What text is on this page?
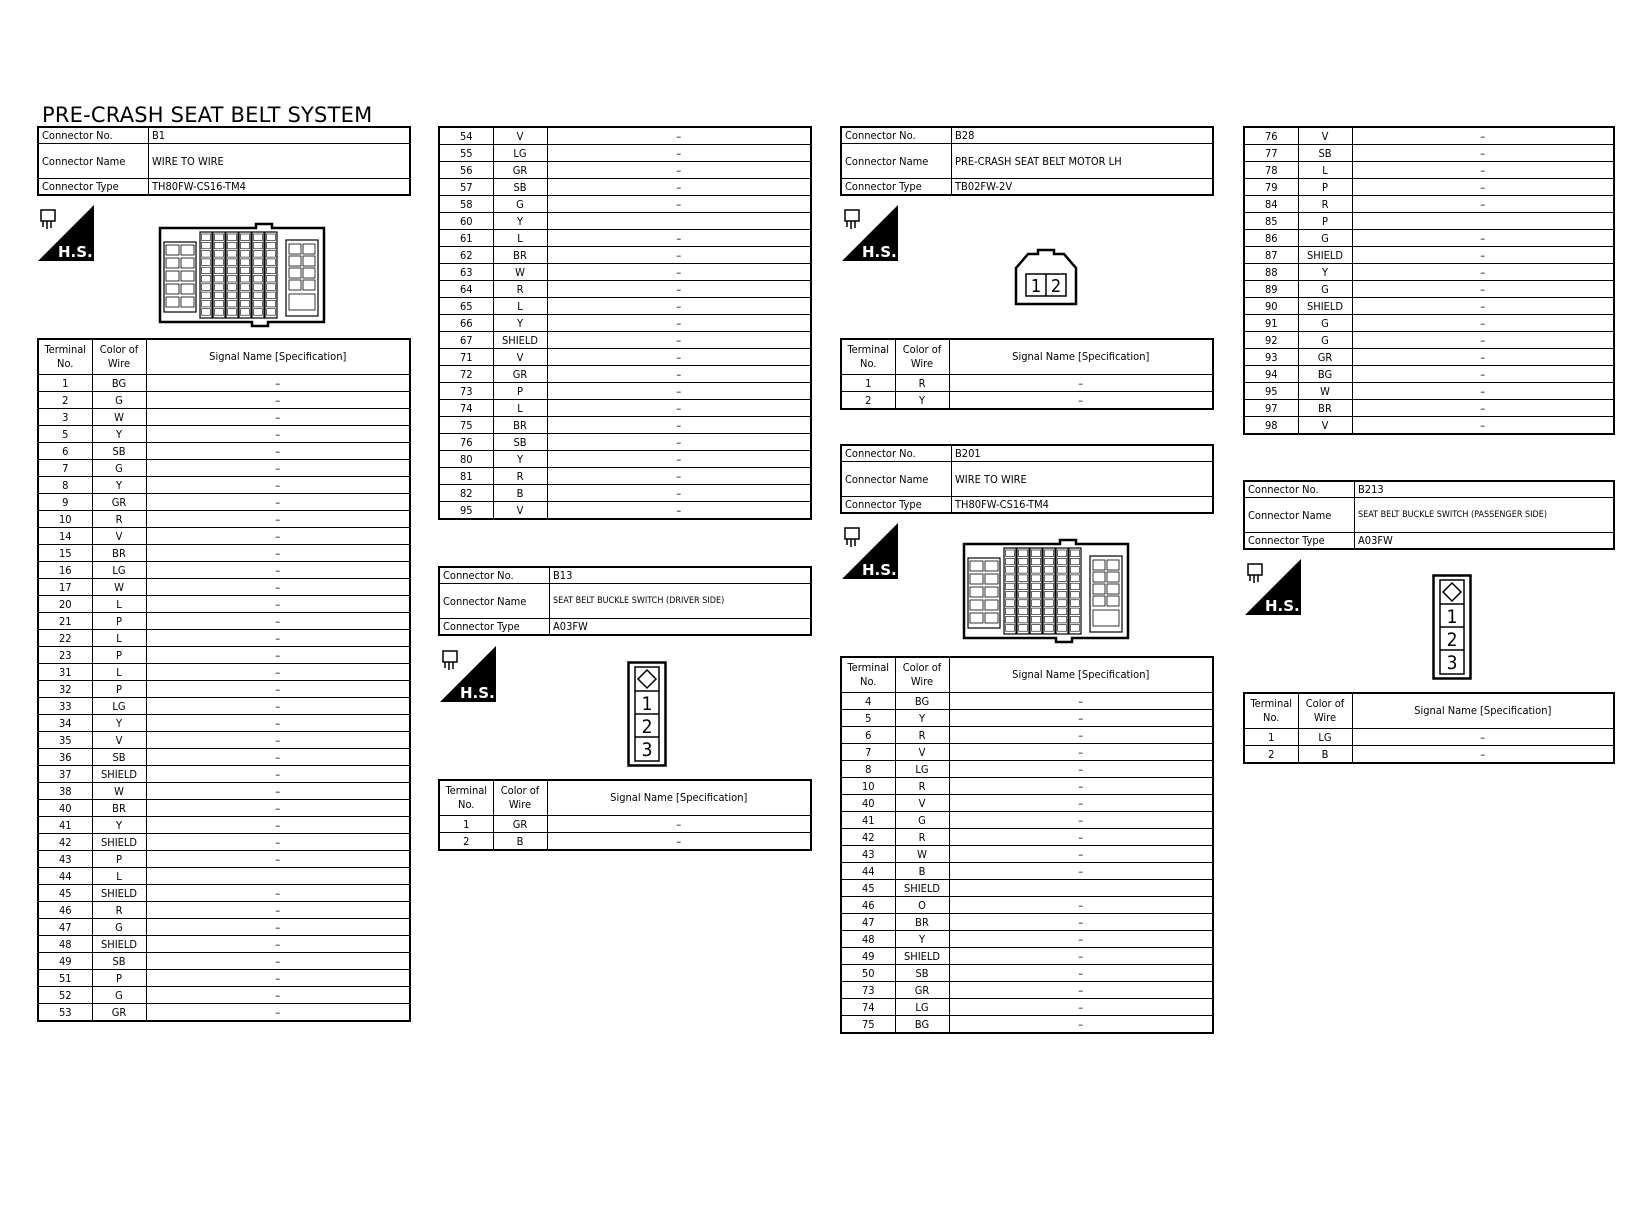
PRE-CRASH SEAT BELT SYSTEM
Connector No.	B1
Connector Name	WIRE TO WIRE
Connector Type	TH80FW-CS16-TM4
H.S.
Terminal No.	Color of Wire	Signal Name [Specification]
1	BG	–
2	G	–
3	W	–
5	Y	–
6	SB	–
7	G	–
8	Y	–
9	GR	–
10	R	–
14	V	–
15	BR	–
16	LG	–
17	W	–
20	L	–
21	P	–
22	L	–
23	P	–
31	L	–
32	P	–
33	LG	–
34	Y	–
35	V	–
36	SB	–
37	SHIELD	–
38	W	–
40	BR	–
41	Y	–
42	SHIELD	–
43	P	–
44	L	
45	SHIELD	–
46	R	–
47	G	–
48	SHIELD	–
49	SB	–
51	P	–
52	G	–
53	GR	–
54	V	–
55	LG	–
56	GR	–
57	SB	–
58	G	–
60	Y	
61	L	–
62	BR	–
63	W	–
64	R	–
65	L	–
66	Y	–
67	SHIELD	–
71	V	–
72	GR	–
73	P	–
74	L	–
75	BR	–
76	SB	–
80	Y	–
81	R	–
82	B	–
95	V	–
Connector No.	B13
Connector Name	SEAT BELT BUCKLE SWITCH (DRIVER SIDE)
Connector Type	A03FW
H.S.	1
2
3
Terminal No.	Color of Wire	Signal Name [Specification]
1	GR	–
2	B	–
Connector No.	B28
Connector Name	PRE-CRASH SEAT BELT MOTOR LH
Connector Type	TB02FW-2V
H.S.
1 2
Terminal No.	Color of Wire	Signal Name [Specification]
1	R	–
2	Y	–
Connector No.	B201
Connector Name	WIRE TO WIRE
Connector Type	TH80FW-CS16-TM4
H.S.
Terminal No.	Color of Wire	Signal Name [Specification]
4	BG	–
5	Y	–
6	R	–
7	V	–
8	LG	–
10	R	–
40	V	–
41	G	–
42	R	–
43	W	–
44	B	–
45	SHIELD	
46	O	–
47	BR	–
48	Y	–
49	SHIELD	–
50	SB	–
73	GR	–
74	LG	–
75	BG	–
76	V	–
77	SB	–
78	L	–
79	P	–
84	R	–
85	P	
86	G	–
87	SHIELD	–
88	Y	–
89	G	–
90	SHIELD	–
91	G	–
92	G	–
93	GR	–
94	BG	–
95	W	–
97	BR	–
98	V	–
Connector No.	B213
Connector Name	SEAT BELT BUCKLE SWITCH (PASSENGER SIDE)
Connector Type	A03FW
H.S.	1
2
3
Terminal No.	Color of Wire	Signal Name [Specification]
1	LG	–
2	B	–
